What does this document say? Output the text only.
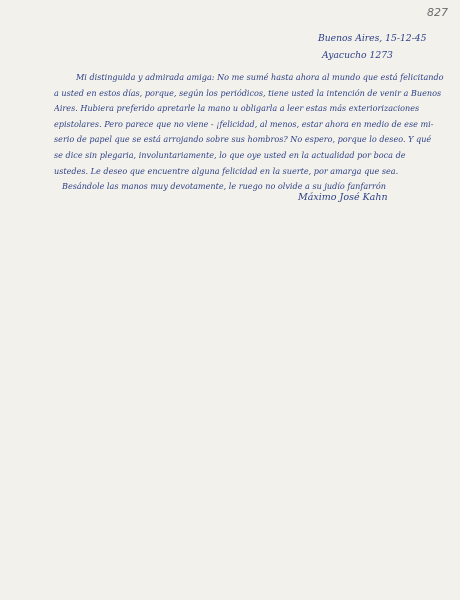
827
Buenos Aires, 15-12-45
Ayacucho 1273
Mi distinguida y admirada amiga: No me sumé hasta ahora al mundo que está felicitando
a usted en estos días, porque, según los periódicos, tiene usted la intención de venir a Buenos
Aires. Hubiera preferido apretarle la mano u obligarla a leer estas más exteriorizaciones
epistolares. Pero parece que no viene - ¡felicidad, al menos, estar ahora en medio de ese mi-
serio de papel que se está arrojando sobre sus hombros? No espero, porque lo deseo. Y qué
se dice sin plegaria, involuntariamente, lo que oye usted en la actualidad por boca de
ustedes. Le deseo que encuentre alguna felicidad en la suerte, por amarga que sea.
Besándole las manos muy devotamente, le ruego no olvide a su judío fanfarrón
Máximo José Kahn
